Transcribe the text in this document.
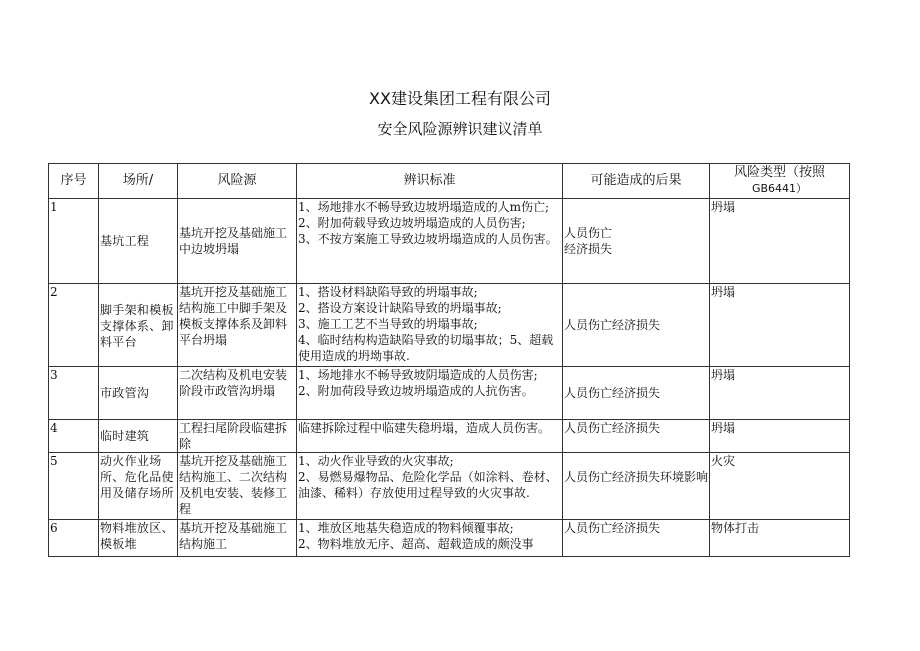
XX建设集团工程有限公司
安全风险源辨识建议清单
序号	场所/	风险源	辨识标准	可能造成的后果	风险类型（按照
GB6441）

1	基坑工程	基坑开挖及基础施工中边坡坍塌	1、场地排水不畅导致边坡坍塌造成的人m伤亡;
2、附加荷载导致边坡坍塌造成的人员伤害;
3、不按方案施工导致边坡坍塌造成的人员伤害。	人员伤亡
经济损失	坍塌
2	脚手架和模板支撑体系、卸料平台	基坑开挖及基础施工结构施工中脚手架及模板支撑体系及卸料平台坍塌	1、搭设材料缺陷导致的坍塌事故;
2、搭设方案设计缺陷导致的坍塌事故;
3、施工工艺不当导致的坍塌事故;
4、临时结构构造缺陷导致的切塌事故；5、超载使用造成的坍坳事故.	人员伤亡经济损失	坍塌
3	市政管沟	二次结构及机电安装阶段市政管沟坍塌	1、场地排水不畅导致坡阴塌造成的人员伤害;
2、附加荷段导致边坡坍塌造成的人抗伤害。	人员伤亡经济损失	坍塌
4	临时建筑	工程扫尾阶段临建拆除	临建拆除过程中临建失稳坍塌，造成人员伤害。	人员伤亡经济损失	坍塌
5	动火作业场所、危化品使用及储存场所	基坑开挖及基础施工结构施工、二次结构及机电安装、装修工程	1、动火作业导致的火灾事故;
2、易燃易爆物品、危险化学品（如涂料、卷材、油漆、稀料）存放使用过程导致的火灾事故.	人员伤亡经济损失环境影响	火灾
6	物料堆放区、模板堆	基坑开挖及基础施工结构施工	1、堆放区地基失稳造成的物料倾覆事故;
2、物料堆放无序、超高、超载造成的颇没事	人员伤亡经济损失	物体打击
